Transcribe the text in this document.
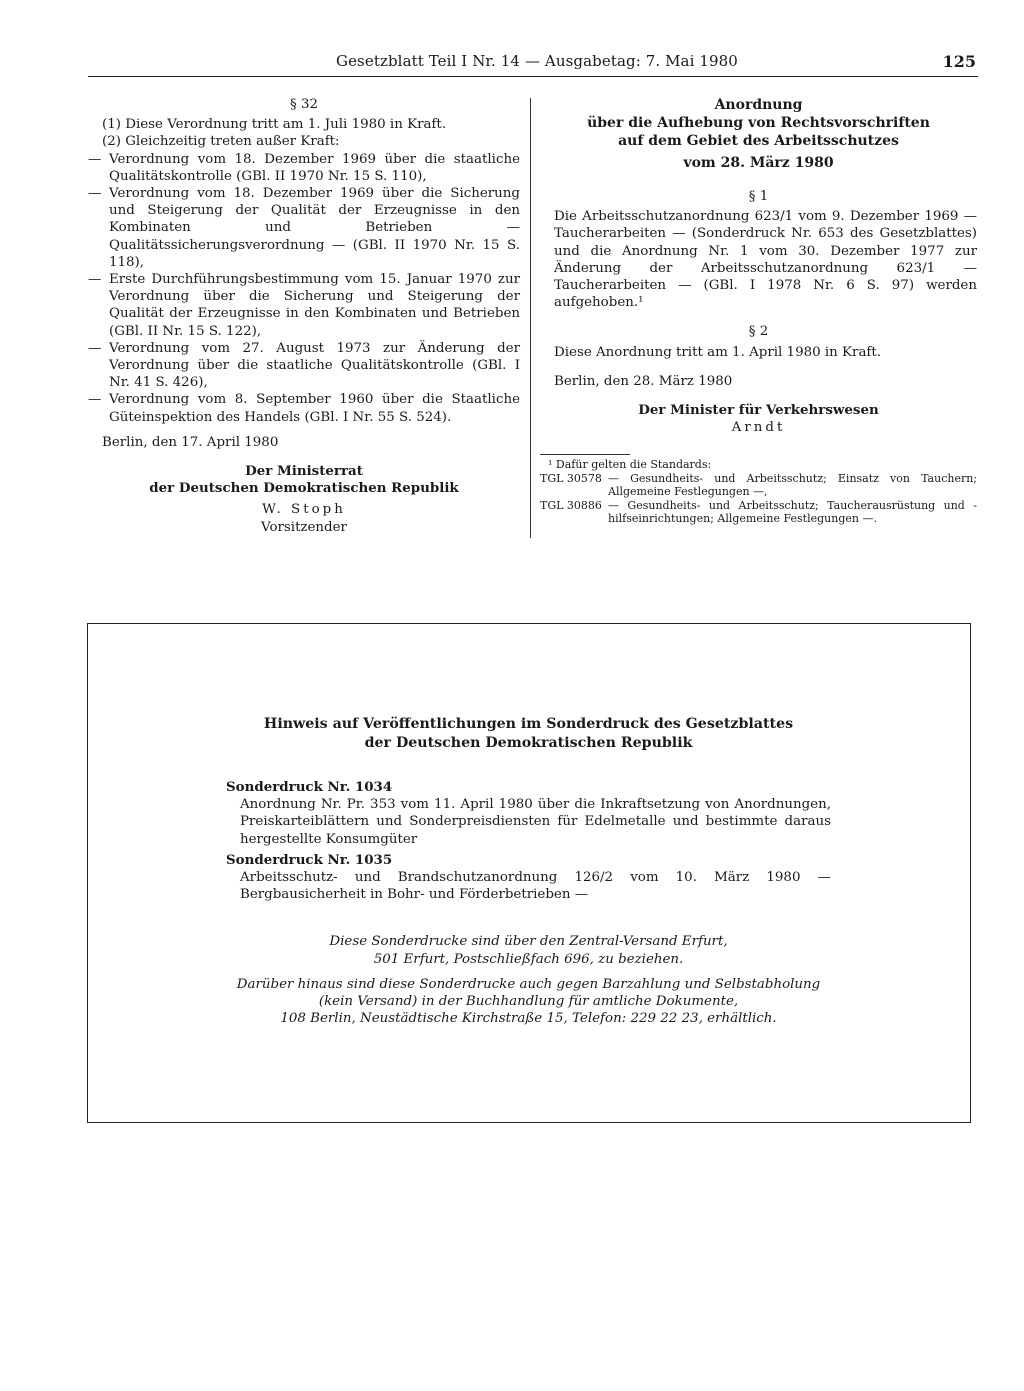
Gesetzblatt Teil I Nr. 14 — Ausgabetag: 7. Mai 1980	125

§ 32

(1) Diese Verordnung tritt am 1. Juli 1980 in Kraft.

(2) Gleichzeitig treten außer Kraft:

— Verordnung vom 18. Dezember 1969 über die staatliche Qualitätskontrolle (GBl. II 1970 Nr. 15 S. 110),
— Verordnung vom 18. Dezember 1969 über die Sicherung und Steigerung der Qualität der Erzeugnisse in den Kombinaten und Betrieben — Qualitätssicherungsverordnung — (GBl. II 1970 Nr. 15 S. 118),
— Erste Durchführungsbestimmung vom 15. Januar 1970 zur Verordnung über die Sicherung und Steigerung der Qualität der Erzeugnisse in den Kombinaten und Betrieben (GBl. II Nr. 15 S. 122),
— Verordnung vom 27. August 1973 zur Änderung der Verordnung über die staatliche Qualitätskontrolle (GBl. I Nr. 41 S. 426),
— Verordnung vom 8. September 1960 über die Staatliche Güteinspektion des Handels (GBl. I Nr. 55 S. 524).

Berlin, den 17. April 1980

Der Ministerrat

der Deutschen Demokratischen Republik

W. Stoph

Vorsitzender

Anordnung

über die Aufhebung von Rechtsvorschriften

auf dem Gebiet des Arbeitsschutzes

vom 28. März 1980

§ 1

Die Arbeitsschutzanordnung 623/1 vom 9. Dezember 1969 — Taucherarbeiten — (Sonderdruck Nr. 653 des Gesetzblattes) und die Anordnung Nr. 1 vom 30. Dezember 1977 zur Änderung der Arbeitsschutzanordnung 623/1 — Taucherarbeiten — (GBl. I 1978 Nr. 6 S. 97) werden aufgehoben.¹

§ 2

Diese Anordnung tritt am 1. April 1980 in Kraft.

Berlin, den 28. März 1980

Der Minister für Verkehrswesen

Arndt

¹ Dafür gelten die Standards:

TGL 30578 — Gesundheits- und Arbeitsschutz; Einsatz von Tauchern; Allgemeine Festlegungen —,
TGL 30886 — Gesundheits- und Arbeitsschutz; Taucherausrüstung und -hilfseinrichtungen; Allgemeine Festlegungen —.

Hinweis auf Veröffentlichungen im Sonderdruck des Gesetzblattes

der Deutschen Demokratischen Republik

Sonderdruck Nr. 1034

Anordnung Nr. Pr. 353 vom 11. April 1980 über die Inkraftsetzung von Anordnungen, Preiskarteiblättern und Sonderpreisdiensten für Edelmetalle und bestimmte daraus hergestellte Konsumgüter

Sonderdruck Nr. 1035

Arbeitsschutz- und Brandschutzanordnung 126/2 vom 10. März 1980 — Bergbausicherheit in Bohr- und Förderbetrieben —

Diese Sonderdrucke sind über den Zentral-Versand Erfurt,

501 Erfurt, Postschließfach 696, zu beziehen.

Darüber hinaus sind diese Sonderdrucke auch gegen Barzahlung und Selbstabholung

(kein Versand) in der Buchhandlung für amtliche Dokumente,

108 Berlin, Neustädtische Kirchstraße 15, Telefon: 229 22 23, erhältlich.
